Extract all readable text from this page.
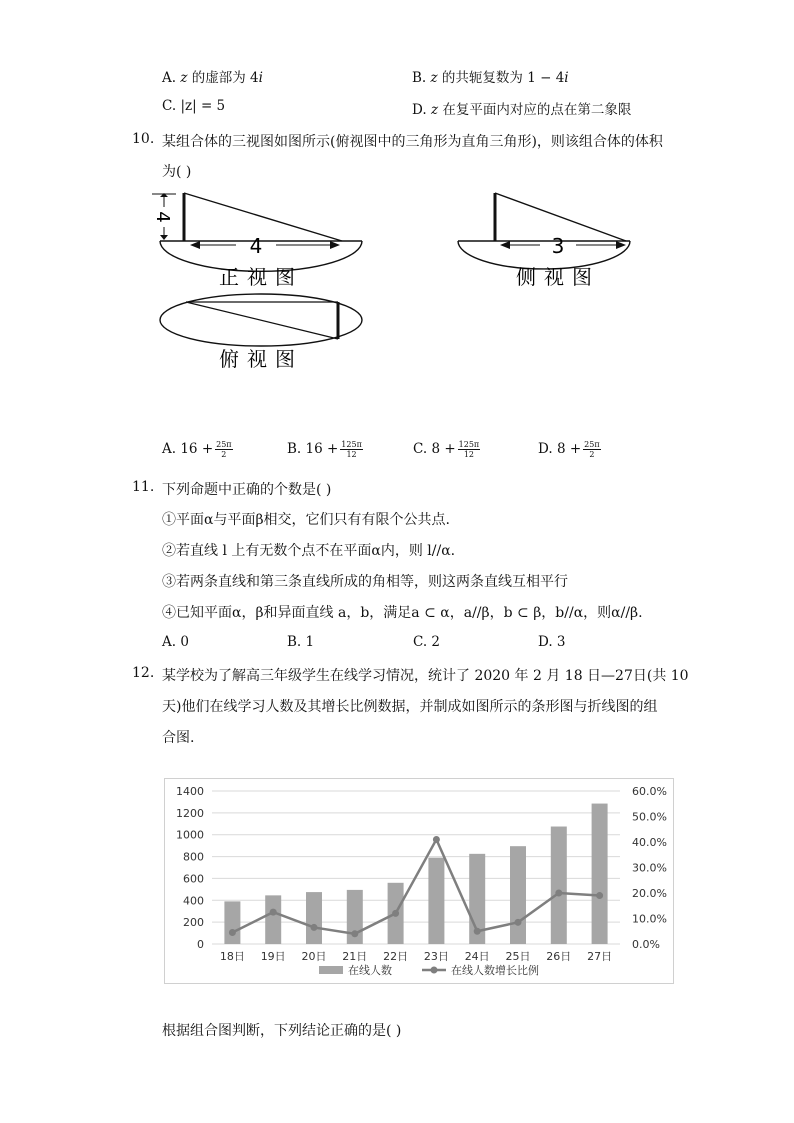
A. z 的虚部为 4i	B. z 的共轭复数为 1 − 4i
C. |z| = 5	D. z 在复平面内对应的点在第二象限
10. 某组合体的三视图如图所示(俯视图中的三角形为直角三角形)，则该组合体的体积
为( )
4
4
正视图
3
侧视图
俯视图
A. $16 + \frac{25\pi}{2}$	B. $16 + \frac{125\pi}{12}$	C. $8 + \frac{125\pi}{12}$	D. $8 + \frac{25\pi}{2}$
11. 下列命题中正确的个数是( )
①平面α与平面β相交，它们只有有限个公共点.
②若直线 l 上有无数个点不在平面α内，则 l//α.
③若两条直线和第三条直线所成的角相等，则这两条直线互相平行
④已知平面α，β和异面直线 a，b，满足a ⊂ α，a//β，b ⊂ β，b//α，则α//β.
A. 0	B. 1	C. 2	D. 3
12. 某学校为了解高三年级学生在线学习情况，统计了 2020 年 2 月 18 日—27日(共 10
天)他们在线学习人数及其增长比例数据，并制成如图所示的条形图与折线图的组
合图.
0
200
400
600
800
1000
1200
1400
0.0%
10.0%
20.0%
30.0%
40.0%
50.0%
60.0%
18日 19日 20日 21日 22日 23日 24日 25日 26日 27日
在线人数	在线人数增长比例
根据组合图判断，下列结论正确的是( )
